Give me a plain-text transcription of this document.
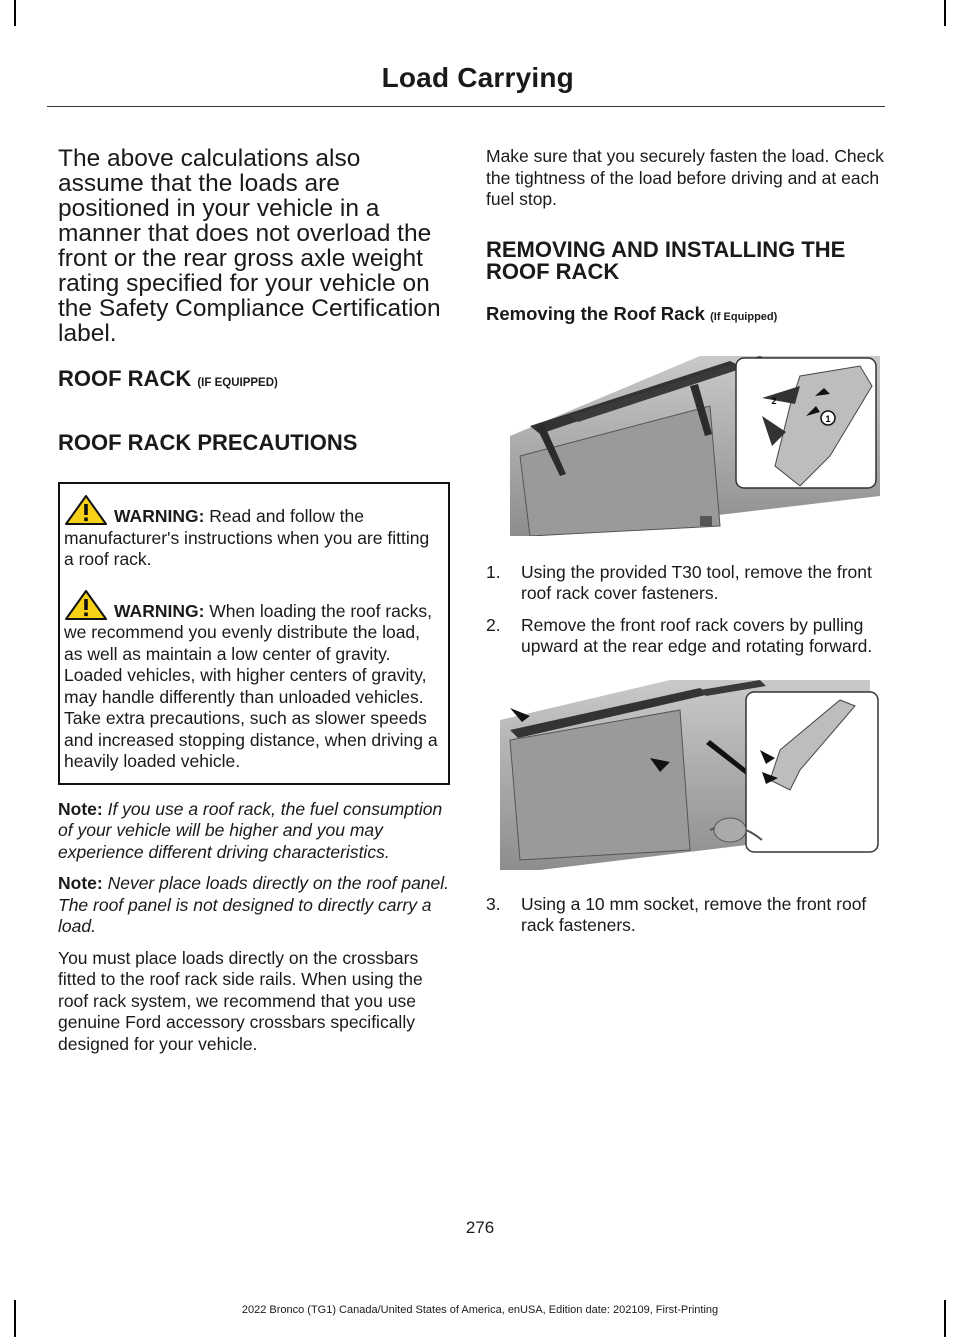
Load Carrying

The above calculations also assume that the loads are positioned in your vehicle in a manner that does not overload the front or the rear gross axle weight rating specified for your vehicle on the Safety Compliance Certification label.

ROOF RACK (IF EQUIPPED)
ROOF RACK PRECAUTIONS

WARNING: Read and follow the manufacturer's instructions when you are fitting a roof rack.

WARNING: When loading the roof racks, we recommend you evenly distribute the load, as well as maintain a low center of gravity. Loaded vehicles, with higher centers of gravity, may handle differently than unloaded vehicles. Take extra precautions, such as slower speeds and increased stopping distance, when driving a heavily loaded vehicle.

Note: If you use a roof rack, the fuel consumption of your vehicle will be higher and you may experience different driving characteristics.

Note: Never place loads directly on the roof panel. The roof panel is not designed to directly carry a load.

You must place loads directly on the crossbars fitted to the roof rack side rails. When using the roof rack system, we recommend that you use genuine Ford accessory crossbars specifically designed for your vehicle.

Make sure that you securely fasten the load. Check the tightness of the load before driving and at each fuel stop.

REMOVING AND INSTALLING THE ROOF RACK
Removing the Roof Rack (If Equipped)
1
2
1. Using the provided T30 tool, remove the front roof rack cover fasteners.
2. Remove the front roof rack covers by pulling upward at the rear edge and rotating forward.
3. Using a 10 mm socket, remove the front roof rack fasteners.
276
2022 Bronco (TG1) Canada/United States of America, enUSA, Edition date: 202109, First-Printing
